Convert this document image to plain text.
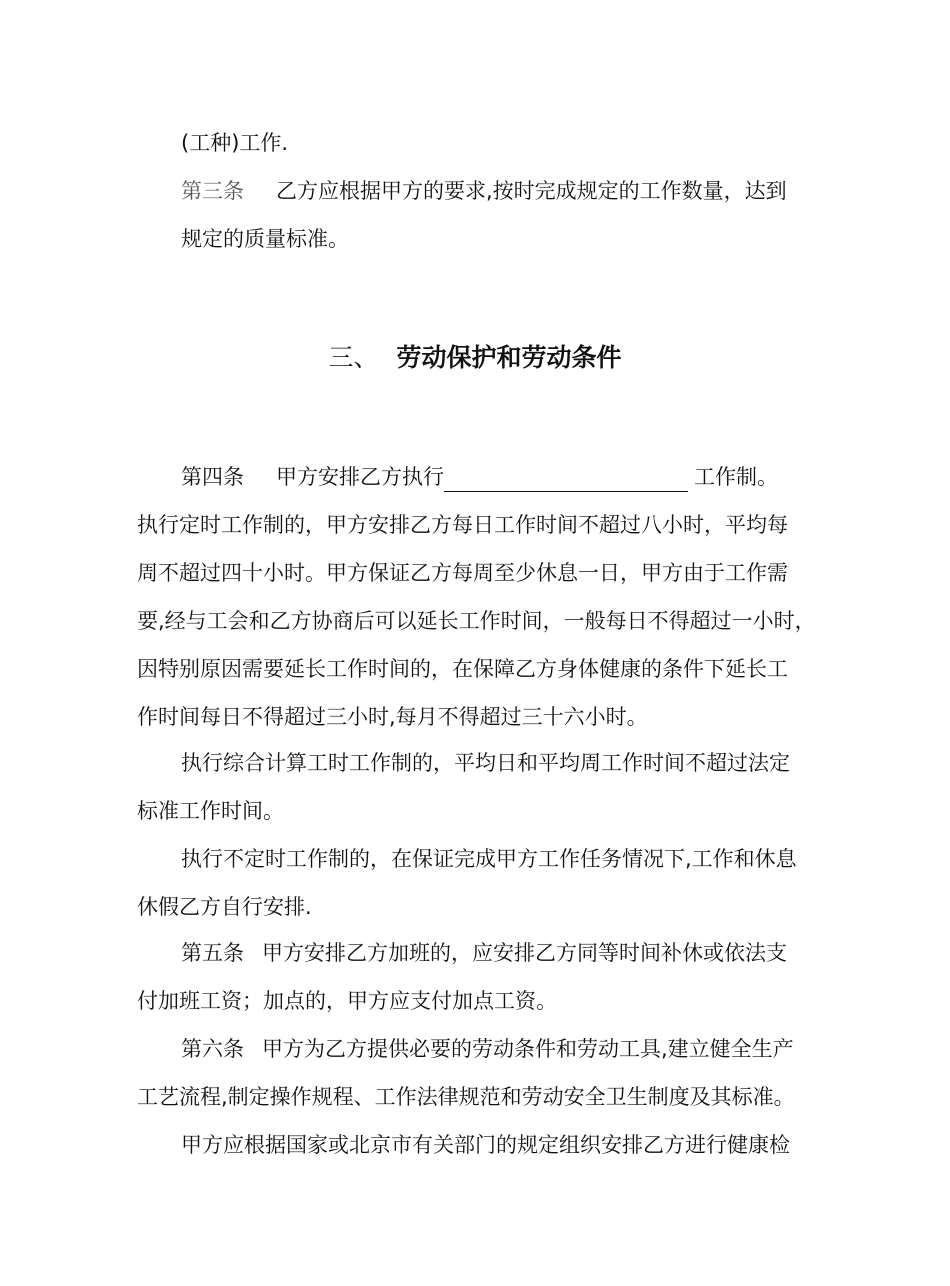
(工种)工作.
第三条 乙方应根据甲方的要求,按时完成规定的工作数量，达到
规定的质量标准。
三、 劳动保护和劳动条件
第四条 甲方安排乙方执行	工作制。
执行定时工作制的，甲方安排乙方每日工作时间不超过八小时，平均每
周不超过四十小时。甲方保证乙方每周至少休息一日，甲方由于工作需
要,经与工会和乙方协商后可以延长工作时间，一般每日不得超过一小时，
因特别原因需要延长工作时间的，在保障乙方身体健康的条件下延长工
作时间每日不得超过三小时,每月不得超过三十六小时。
执行综合计算工时工作制的，平均日和平均周工作时间不超过法定
标准工作时间。
执行不定时工作制的，在保证完成甲方工作任务情况下,工作和休息
休假乙方自行安排.
第五条 甲方安排乙方加班的，应安排乙方同等时间补休或依法支
付加班工资；加点的，甲方应支付加点工资。
第六条 甲方为乙方提供必要的劳动条件和劳动工具,建立健全生产
工艺流程,制定操作规程、工作法律规范和劳动安全卫生制度及其标准。
甲方应根据国家或北京市有关部门的规定组织安排乙方进行健康检
